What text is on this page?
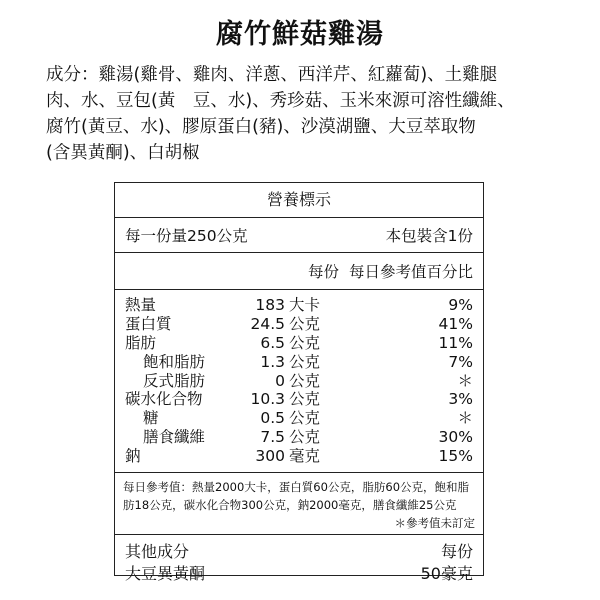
腐竹鮮菇雞湯
成分：雞湯(雞骨、雞肉、洋蔥、西洋芹、紅蘿蔔)、土雞腿
肉、水、豆包(黃　豆、水)、秀珍菇、玉米來源可溶性纖維、
腐竹(黃豆、水)、膠原蛋白(豬)、沙漠湖鹽、大豆萃取物
(含異黃酮)、白胡椒
營養標示
每一份量250公克	本包裝含1份
每份 每日參考值百分比
熱量	183 大卡	9%
蛋白質	24.5 公克	41%
脂肪	6.5 公克	11%
飽和脂肪	1.3 公克	7%
反式脂肪	0 公克	＊
碳水化合物	10.3 公克	3%
糖	0.5 公克	＊
膳食纖維	7.5 公克	30%
鈉	300 毫克	15%
每日參考值：熱量2000大卡，蛋白質60公克，脂肪60公克，飽和脂
肪18公克，碳水化合物300公克，鈉2000毫克，膳食纖維25公克
＊參考值未訂定
其他成分	每份
大豆異黃酮	50豪克
